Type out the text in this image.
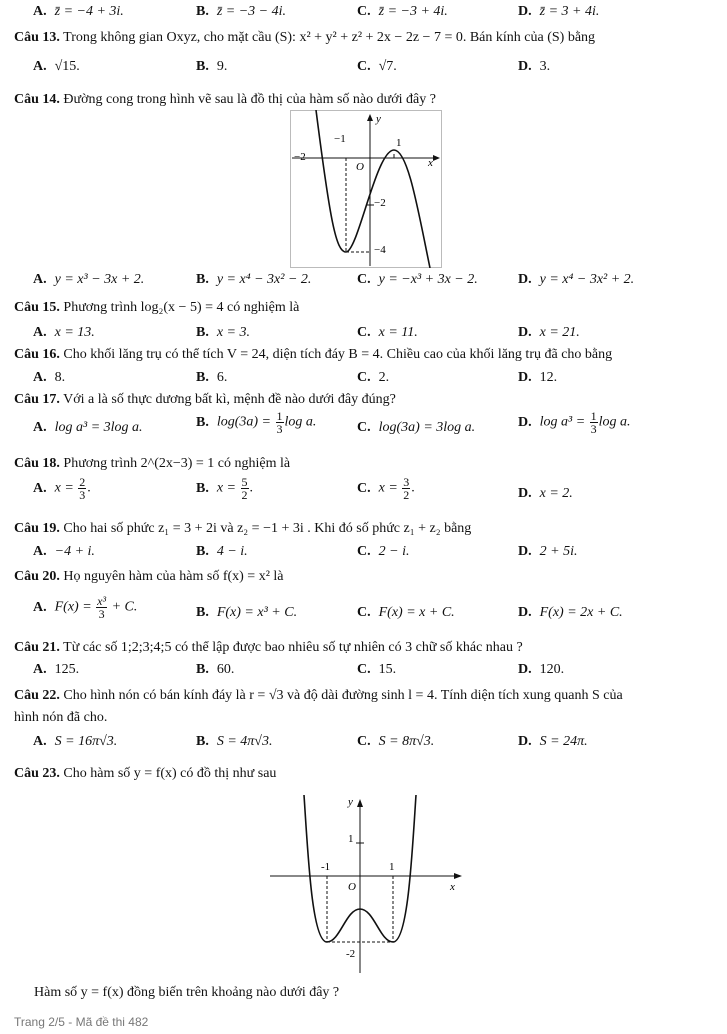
A. z̄ = −4 + 3i.	B. z̄ = −3 − 4i.	C. z̄ = −3 + 4i.	D. z̄ = 3 + 4i.
Câu 13. Trong không gian Oxyz, cho mặt cầu (S): x² + y² + z² + 2x − 2z − 7 = 0. Bán kính của (S) bằng
A. √15.	B. 9.	C. √7.	D. 3.
Câu 14. Đường cong trong hình vẽ sau là đồ thị của hàm số nào dưới đây ?
y
x
O
−1	1
−2
−2
−4
A. y = x³ − 3x + 2.	B. y = x⁴ − 3x² − 2.	C. y = −x³ + 3x − 2.	D. y = x⁴ − 3x² + 2.
Câu 15. Phương trình log₂(x − 5) = 4 có nghiệm là
A. x = 13.	B. x = 3.	C. x = 11.	D. x = 21.
Câu 16. Cho khối lăng trụ có thể tích V = 24, diện tích đáy B = 4. Chiều cao của khối lăng trụ đã cho bằng
A. 8.	B. 6.	C. 2.	D. 12.
Câu 17. Với a là số thực dương bất kì, mệnh đề nào dưới đây đúng?
A. log a³ = 3log a.	B. $\log(3a) = \frac{1}{3}$ log a.	C. log(3a) = 3log a.	D. $\log a^3 = \frac{1}{3}$ log a.
Câu 18. Phương trình 2^(2x−3) = 1 có nghiệm là
A. $x = \frac{2}{3}$ .	B. $x = \frac{5}{2}$ .	C. $x = \frac{3}{2}$ .	D. x = 2.
Câu 19. Cho hai số phức z₁ = 3 + 2i và z₂ = −1 + 3i . Khi đó số phức z₁ + z₂ bằng
A. −4 + i.	B. 4 − i.	C. 2 − i.	D. 2 + 5i.
Câu 20. Họ nguyên hàm của hàm số f(x) = x² là
A. $F(x) = \frac{\text{x³}}{3} + C$.	B. F(x) = x³ + C.	C. F(x) = x + C.	D. F(x) = 2x + C.
Câu 21. Từ các số 1;2;3;4;5 có thể lập được bao nhiêu số tự nhiên có 3 chữ số khác nhau ?
A. 125.	B. 60.	C. 15.	D. 120.
Câu 22. Cho hình nón có bán kính đáy là r = √3 và độ dài đường sinh l = 4. Tính diện tích xung quanh S của
hình nón đã cho.
A. S = 16π√3.	B. S = 4π√3.	C. S = 8π√3.	D. S = 24π.
Câu 23. Cho hàm số y = f(x) có đồ thị như sau
y
x
O
1
-1	1
-2
Hàm số y = f(x) đồng biến trên khoảng nào dưới đây ?
Trang 2/5 - Mã đề thi 482
